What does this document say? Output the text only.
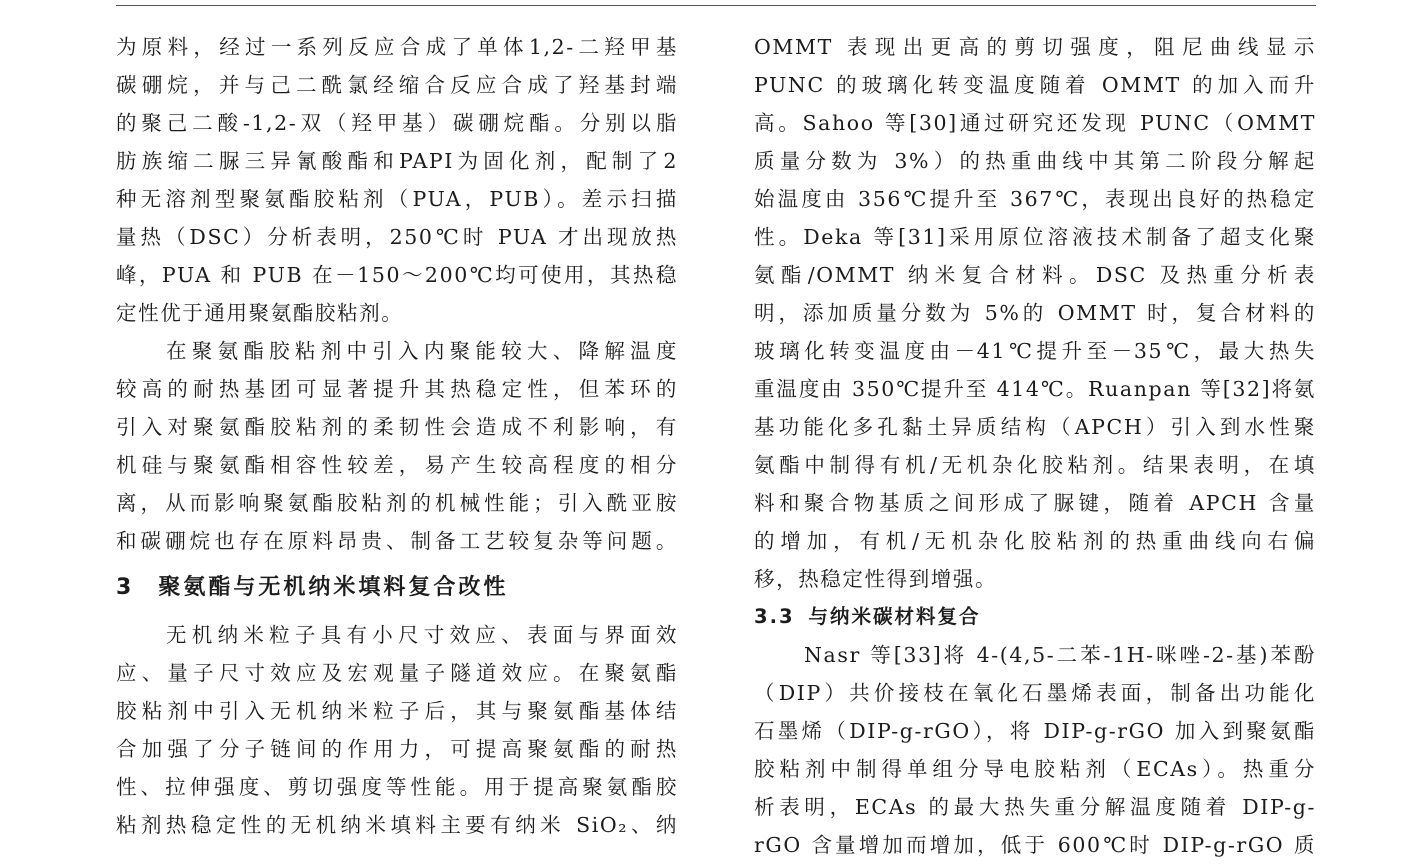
为原料，经过一系列反应合成了单体1,2-二羟甲基
碳硼烷，并与己二酰氯经缩合反应合成了羟基封端
的聚己二酸-1,2-双（羟甲基）碳硼烷酯。分别以脂
肪族缩二脲三异氰酸酯和PAPI为固化剂，配制了2
种无溶剂型聚氨酯胶粘剂（PUA，PUB）。差示扫描
量热（DSC）分析表明，250℃时 PUA 才出现放热
峰，PUA 和 PUB 在－150～200℃均可使用，其热稳
定性优于通用聚氨酯胶粘剂。
在聚氨酯胶粘剂中引入内聚能较大、降解温度
较高的耐热基团可显著提升其热稳定性，但苯环的
引入对聚氨酯胶粘剂的柔韧性会造成不利影响，有
机硅与聚氨酯相容性较差，易产生较高程度的相分
离，从而影响聚氨酯胶粘剂的机械性能；引入酰亚胺
和碳硼烷也存在原料昂贵、制备工艺较复杂等问题。
3 聚氨酯与无机纳米填料复合改性
无机纳米粒子具有小尺寸效应、表面与界面效
应、量子尺寸效应及宏观量子隧道效应。在聚氨酯
胶粘剂中引入无机纳米粒子后，其与聚氨酯基体结
合加强了分子链间的作用力，可提高聚氨酯的耐热
性、拉伸强度、剪切强度等性能。用于提高聚氨酯胶
粘剂热稳定性的无机纳米填料主要有纳米 SiO₂、纳
OMMT 表现出更高的剪切强度，阻尼曲线显示
PUNC 的玻璃化转变温度随着 OMMT 的加入而升
高。Sahoo 等[30]通过研究还发现 PUNC（OMMT
质量分数为 3%）的热重曲线中其第二阶段分解起
始温度由 356℃提升至 367℃，表现出良好的热稳定
性。Deka 等[31]采用原位溶液技术制备了超支化聚
氨酯/OMMT 纳米复合材料。DSC 及热重分析表
明，添加质量分数为 5%的 OMMT 时，复合材料的
玻璃化转变温度由－41℃提升至－35℃，最大热失
重温度由 350℃提升至 414℃。Ruanpan 等[32]将氨
基功能化多孔黏土异质结构（APCH）引入到水性聚
氨酯中制得有机/无机杂化胶粘剂。结果表明，在填
料和聚合物基质之间形成了脲键，随着 APCH 含量
的增加，有机/无机杂化胶粘剂的热重曲线向右偏
移，热稳定性得到增强。
3.3 与纳米碳材料复合
Nasr 等[33]将 4-(4,5-二苯-1H-咪唑-2-基)苯酚
（DIP）共价接枝在氧化石墨烯表面，制备出功能化
石墨烯（DIP-g-rGO），将 DIP-g-rGO 加入到聚氨酯
胶粘剂中制得单组分导电胶粘剂（ECAs）。热重分
析表明，ECAs 的最大热失重分解温度随着 DIP-g-
rGO 含量增加而增加，低于 600℃时 DIP-g-rGO 质
